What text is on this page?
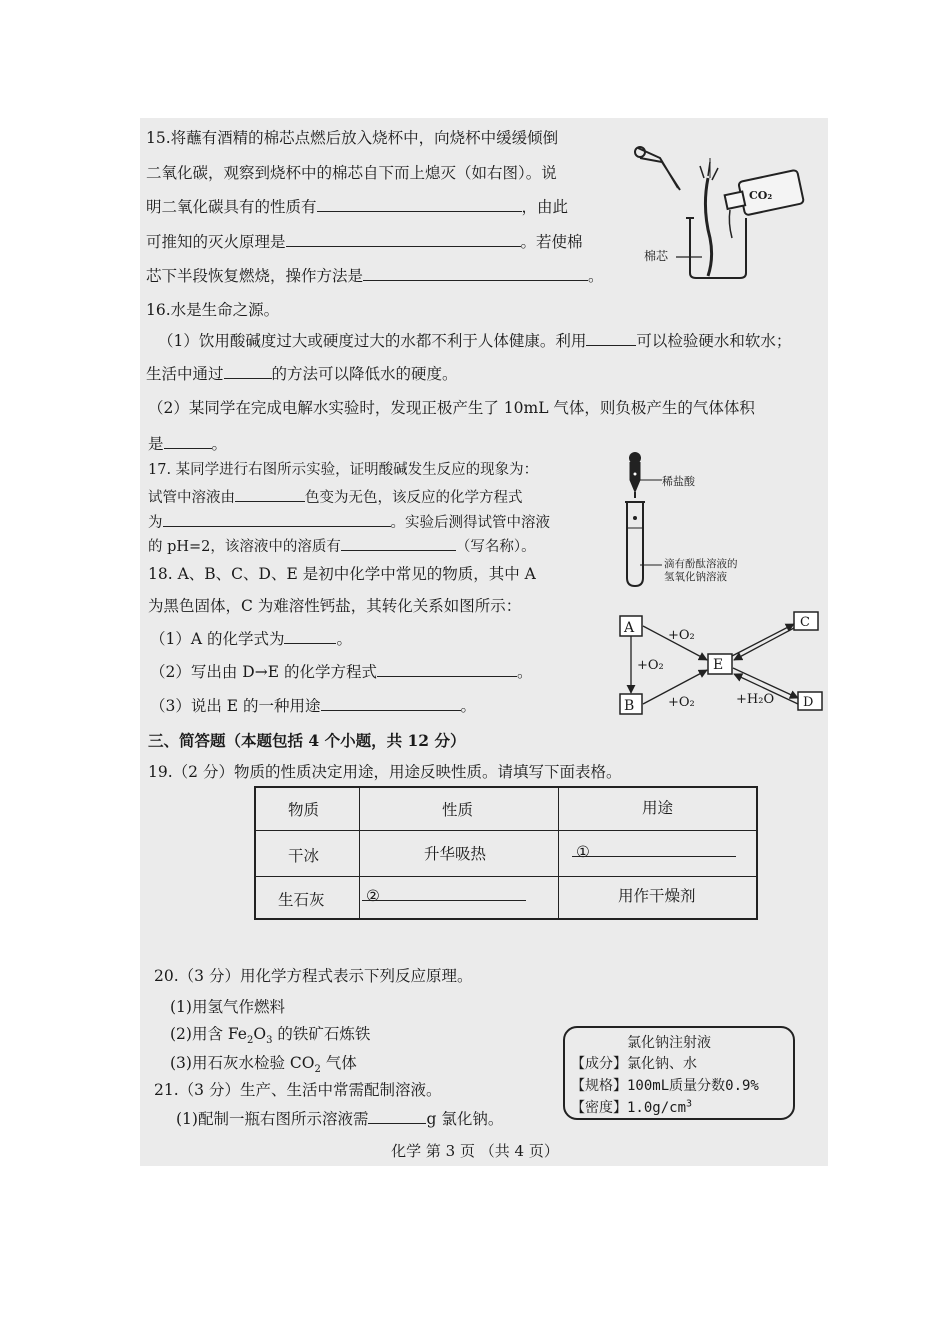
15.将蘸有酒精的棉芯点燃后放入烧杯中，向烧杯中缓缓倾倒
二氧化碳，观察到烧杯中的棉芯自下而上熄灭（如右图）。说
明二氧化碳具有的性质有	，由此
可推知的灭火原理是	。若使棉
芯下半段恢复燃烧，操作方法是	。
CO₂
棉芯
16.水是生命之源。
（1）饮用酸碱度过大或硬度过大的水都不利于人体健康。利用	可以检验硬水和软水；
生活中通过	的方法可以降低水的硬度。
（2）某同学在完成电解水实验时，发现正极产生了 10mL 气体，则负极产生的气体体积
是	。
17. 某同学进行右图所示实验，证明酸碱发生反应的现象为：
试管中溶液由	色变为无色，该反应的化学方程式
为	。实验后测得试管中溶液
的 pH=2，该溶液中的溶质有	（写名称）。
稀盐酸
滴有酚酞溶液的
氢氧化钠溶液
18. A、B、C、D、E 是初中化学中常见的物质，其中 A
为黑色固体，C 为难溶性钙盐，其转化关系如图所示：
（1）A 的化学式为	。
（2）写出由 D→E 的化学方程式	。
（3）说出 E 的一种用途	。
A
B
E
C
D
+O₂
+O₂
+O₂	+H₂O
三、简答题（本题包括 4 个小题，共 12 分）
19.（2 分）物质的性质决定用途，用途反映性质。请填写下面表格。
物质	性质	用途
干冰	升华吸热	①
生石灰	②	用作干燥剂
20.（3 分）用化学方程式表示下列反应原理。
(1)用氢气作燃料
(2)用含 $Fe_2O_3$ 的铁矿石炼铁
(3)用石灰水检验 $CO_2$ 气体
21.（3 分）生产、生活中常需配制溶液。
(1)配制一瓶右图所示溶液需	g 氯化钠。
氯化钠注射液
【成分】氯化钠、水
【规格】100mL质量分数0.9%
【密度】$1.0g/cm^3$
化学 第 3 页 （共 4 页）
